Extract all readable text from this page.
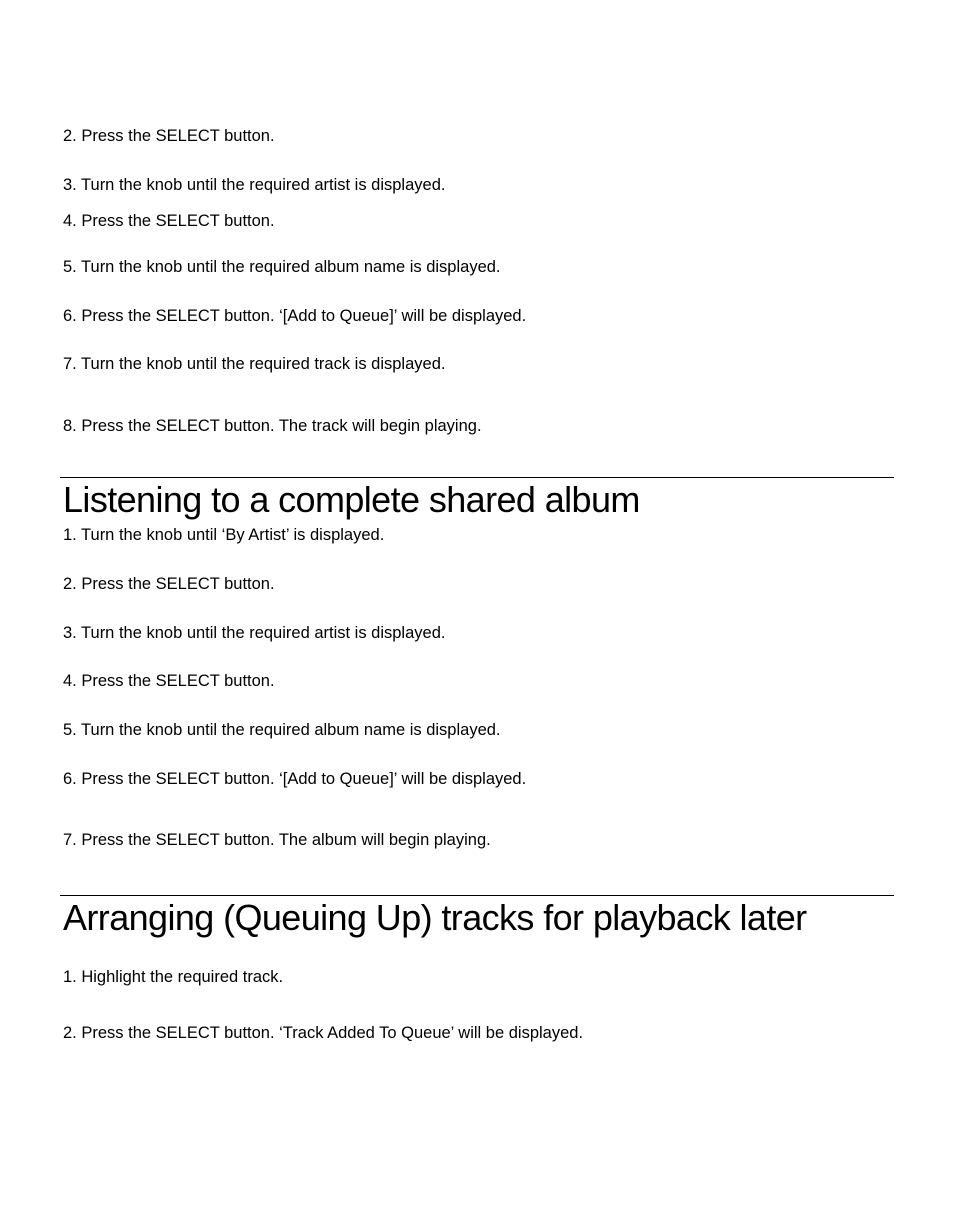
2. Press the SELECT button.

3. Turn the knob until the required artist is displayed.

4. Press the SELECT button.

5. Turn the knob until the required album name is displayed.

6. Press the SELECT button. ‘[Add to Queue]’ will be displayed.

7. Turn the knob until the required track is displayed.

8. Press the SELECT button. The track will begin playing.

Listening to a complete shared album

1. Turn the knob until ‘By Artist’ is displayed.

2. Press the SELECT button.

3. Turn the knob until the required artist is displayed.

4. Press the SELECT button.

5. Turn the knob until the required album name is displayed.

6. Press the SELECT button. ‘[Add to Queue]’ will be displayed.

7. Press the SELECT button. The album will begin playing.

Arranging (Queuing Up) tracks for playback later

1. Highlight the required track.

2. Press the SELECT button. ‘Track Added To Queue’ will be displayed.
